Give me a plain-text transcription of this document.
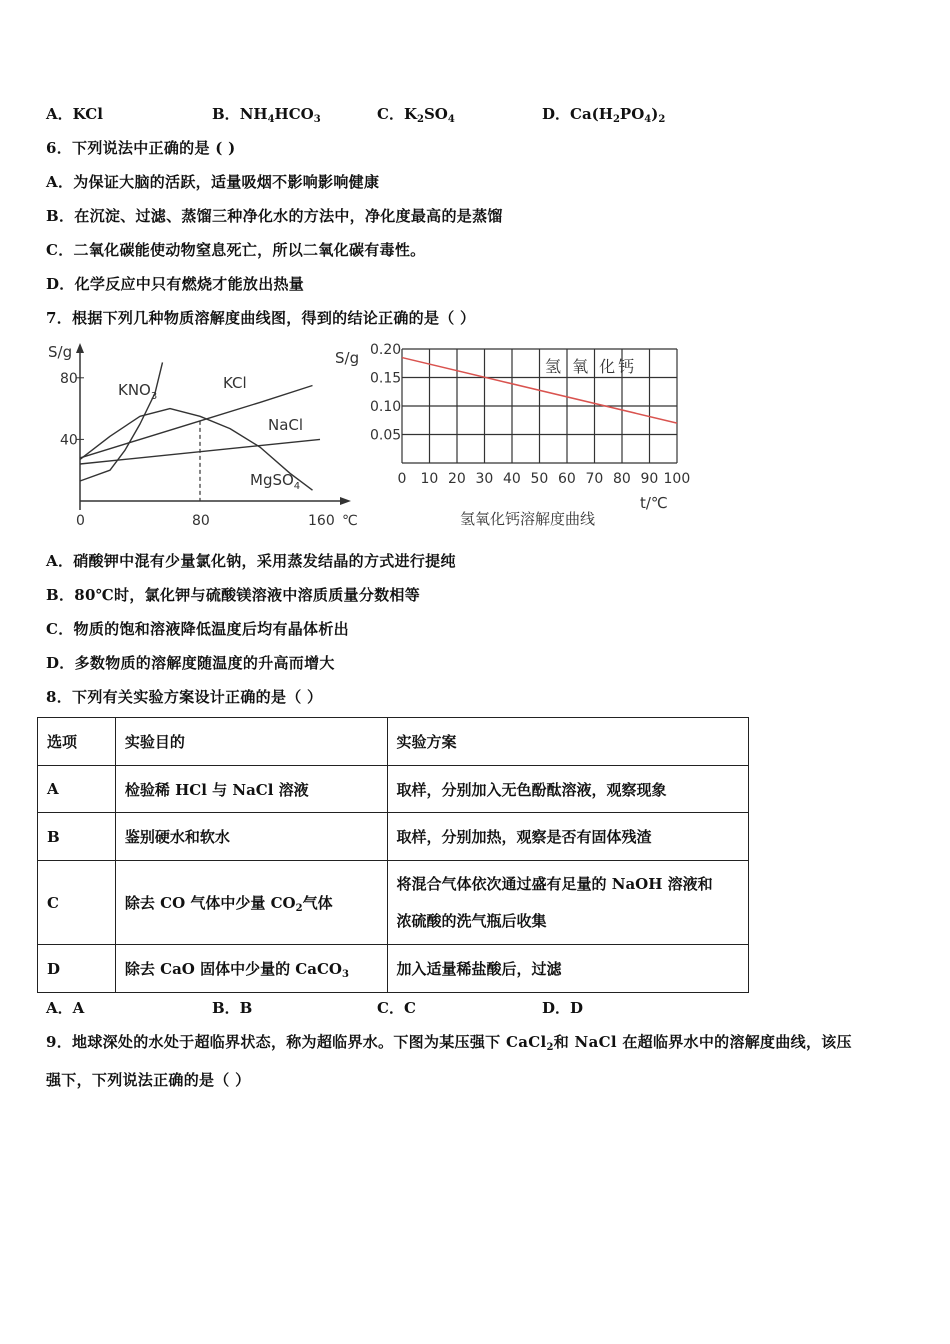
A．KCl	B．$NH_4HCO_3$	C．$K_2SO_4$	D．$Ca(H_2PO_4)_2$
6．下列说法中正确的是 ( )
A．为保证大脑的活跃，适量吸烟不影响影响健康
B．在沉淀、过滤、蒸馏三种净化水的方法中，净化度最高的是蒸馏
C．二氧化碳能使动物窒息死亡，所以二氧化碳有毒性。
D．化学反应中只有燃烧才能放出热量
7．根据下列几种物质溶解度曲线图，得到的结论正确的是（ ）
S/g
0	80	160
40
80
$KNO_3$
KCl
NaCl
MgSO$_4$
℃
S/g
0 10 20 30 40 50 60 70 80 90 100
0.05
0.10
0.15
0.20
氢 氧 化钙
氢氧化钙溶解度曲线
t/℃
A．硝酸钾中混有少量氯化钠，采用蒸发结晶的方式进行提纯
B．80℃时，氯化钾与硫酸镁溶液中溶质质量分数相等
C．物质的饱和溶液降低温度后均有晶体析出
D．多数物质的溶解度随温度的升高而增大
8．下列有关实验方案设计正确的是（ ）
选项	实验目的	实验方案
A	检验稀 HCl 与 NaCl 溶液	取样，分别加入无色酚酞溶液，观察现象
B	鉴别硬水和软水	取样，分别加热，观察是否有固体残渣
C	除去 CO 气体中少量 $CO_2$气体	将混合气体依次通过盛有足量的 NaOH 溶液和
浓硫酸的洗气瓶后收集

D	除去 CaO 固体中少量的 CaCO$_3$	加入适量稀盐酸后，过滤
A．A	B．B	C．C	D．D
9．地球深处的水处于超临界状态，称为超临界水。下图为某压强下 CaCl$_2$和 NaCl 在超临界水中的溶解度曲线，该压
强下，下列说法正确的是（ ）
